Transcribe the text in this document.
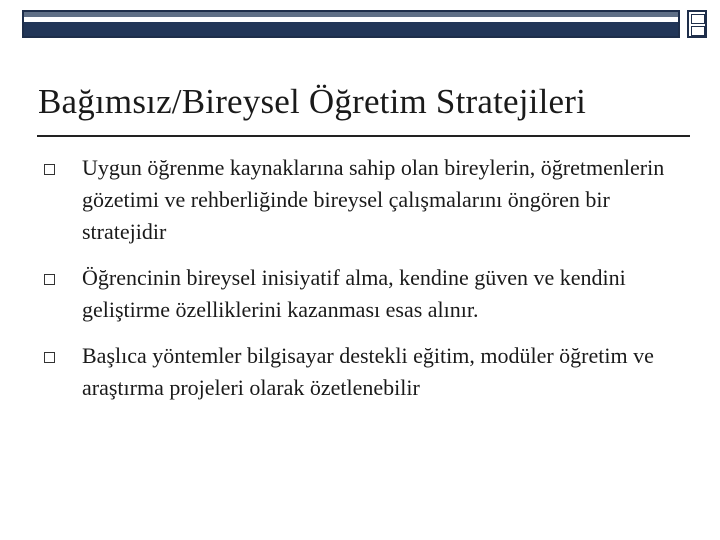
Bağımsız/Bireysel Öğretim Stratejileri
Uygun öğrenme kaynaklarına sahip olan bireylerin, öğretmenlerin gözetimi ve rehberliğinde bireysel çalışmalarını öngören bir stratejidir
Öğrencinin bireysel inisiyatif alma, kendine güven ve kendini geliştirme özelliklerini kazanması esas alınır.
Başlıca yöntemler bilgisayar destekli eğitim, modüler öğretim ve araştırma projeleri olarak özetlenebilir
